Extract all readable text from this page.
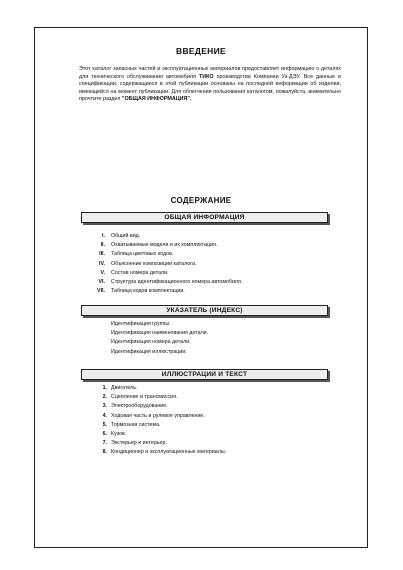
ВВЕДЕНИЕ

Этот каталог запасных частей и эксплуатационных материалов предоставляет информацию о деталях для технического обслуживания автомобиля ТИКО производства Компании Уз-ДЭУ. Все данные и спецификации, содержащиеся в этой публикации основаны на последней информации об изделии, имеющейся на момент публикации. Для облегчения пользования каталогом, пожалуйста, внимательно прочтите раздел "ОБЩАЯ ИНФОРМАЦИЯ".

СОДЕРЖАНИЕ
ОБЩАЯ ИНФОРМАЦИЯ
I. Общий вид.
II. Охватываемые модели и их комплектация.
III. Таблица цветовых кодов.
IV. Объяснение композиции каталога.
V. Состав номера детали.
VI. Структура идентификационного номера автомобиля.
VII. Таблица кодов комплектации.
УКАЗАТЕЛЬ (ИНДЕКС)
Идентификация группы.
Идентификация наименования детали.
Идентификация номера детали.
Идентификация иллюстрации.
ИЛЛЮСТРАЦИИ И ТЕКСТ
1. Двигатель.
2. Сцепление и трансмиссия.
3. Электрооборудование.
4. Ходовая часть и рулевое управление.
5. Тормозная система.
6. Кузов.
7. Экстерьер и интерьер.
8. Кондиционер и эксплуатационные материалы.
